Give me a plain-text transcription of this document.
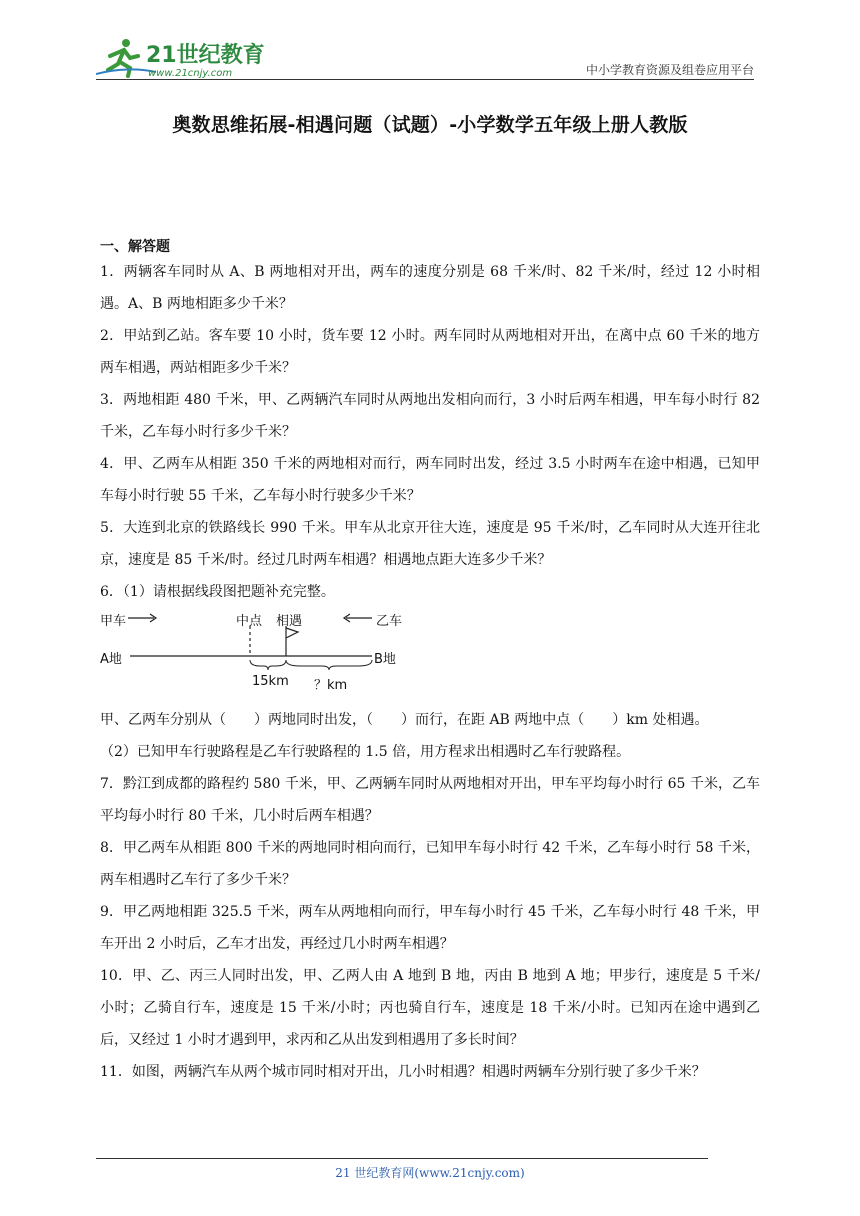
21世纪教育
www.21cnjy.com	中小学教育资源及组卷应用平台
奥数思维拓展-相遇问题（试题）-小学数学五年级上册人教版
一、解答题
1．两辆客车同时从 A、B 两地相对开出，两车的速度分别是 68 千米/时、82 千米/时，经过 12 小时相遇。A、B 两地相距多少千米？
2．甲站到乙站。客车要 10 小时，货车要 12 小时。两车同时从两地相对开出，在离中点 60 千米的地方两车相遇，两站相距多少千米？
3．两地相距 480 千米，甲、乙两辆汽车同时从两地出发相向而行，3 小时后两车相遇，甲车每小时行 82 千米，乙车每小时行多少千米？
4．甲、乙两车从相距 350 千米的两地相对而行，两车同时出发，经过 3.5 小时两车在途中相遇，已知甲车每小时行驶 55 千米，乙车每小时行驶多少千米？
5．大连到北京的铁路线长 990 千米。甲车从北京开往大连，速度是 95 千米/时，乙车同时从大连开往北京，速度是 85 千米/时。经过几时两车相遇？相遇地点距大连多少千米？
6．（1）请根据线段图把题补充完整。
甲车	乙车
中点 相遇
A地	B地
15km ？km
甲、乙两车分别从（　　）两地同时出发，（　　）而行，在距 AB 两地中点（　　）km 处相遇。
（2）已知甲车行驶路程是乙车行驶路程的 1.5 倍，用方程求出相遇时乙车行驶路程。
7．黔江到成都的路程约 580 千米，甲、乙两辆车同时从两地相对开出，甲车平均每小时行 65 千米，乙车平均每小时行 80 千米，几小时后两车相遇？
8．甲乙两车从相距 800 千米的两地同时相向而行，已知甲车每小时行 42 千米，乙车每小时行 58 千米，两车相遇时乙车行了多少千米？
9．甲乙两地相距 325.5 千米，两车从两地相向而行，甲车每小时行 45 千米，乙车每小时行 48 千米，甲车开出 2 小时后，乙车才出发，再经过几小时两车相遇？
10．甲、乙、丙三人同时出发，甲、乙两人由 A 地到 B 地，丙由 B 地到 A 地；甲步行，速度是 5 千米/小时；乙骑自行车，速度是 15 千米/小时；丙也骑自行车，速度是 18 千米/小时。已知丙在途中遇到乙后，又经过 1 小时才遇到甲，求丙和乙从出发到相遇用了多长时间？
11．如图，两辆汽车从两个城市同时相对开出，几小时相遇？相遇时两辆车分别行驶了多少千米？
21 世纪教育网(www.21cnjy.com)
